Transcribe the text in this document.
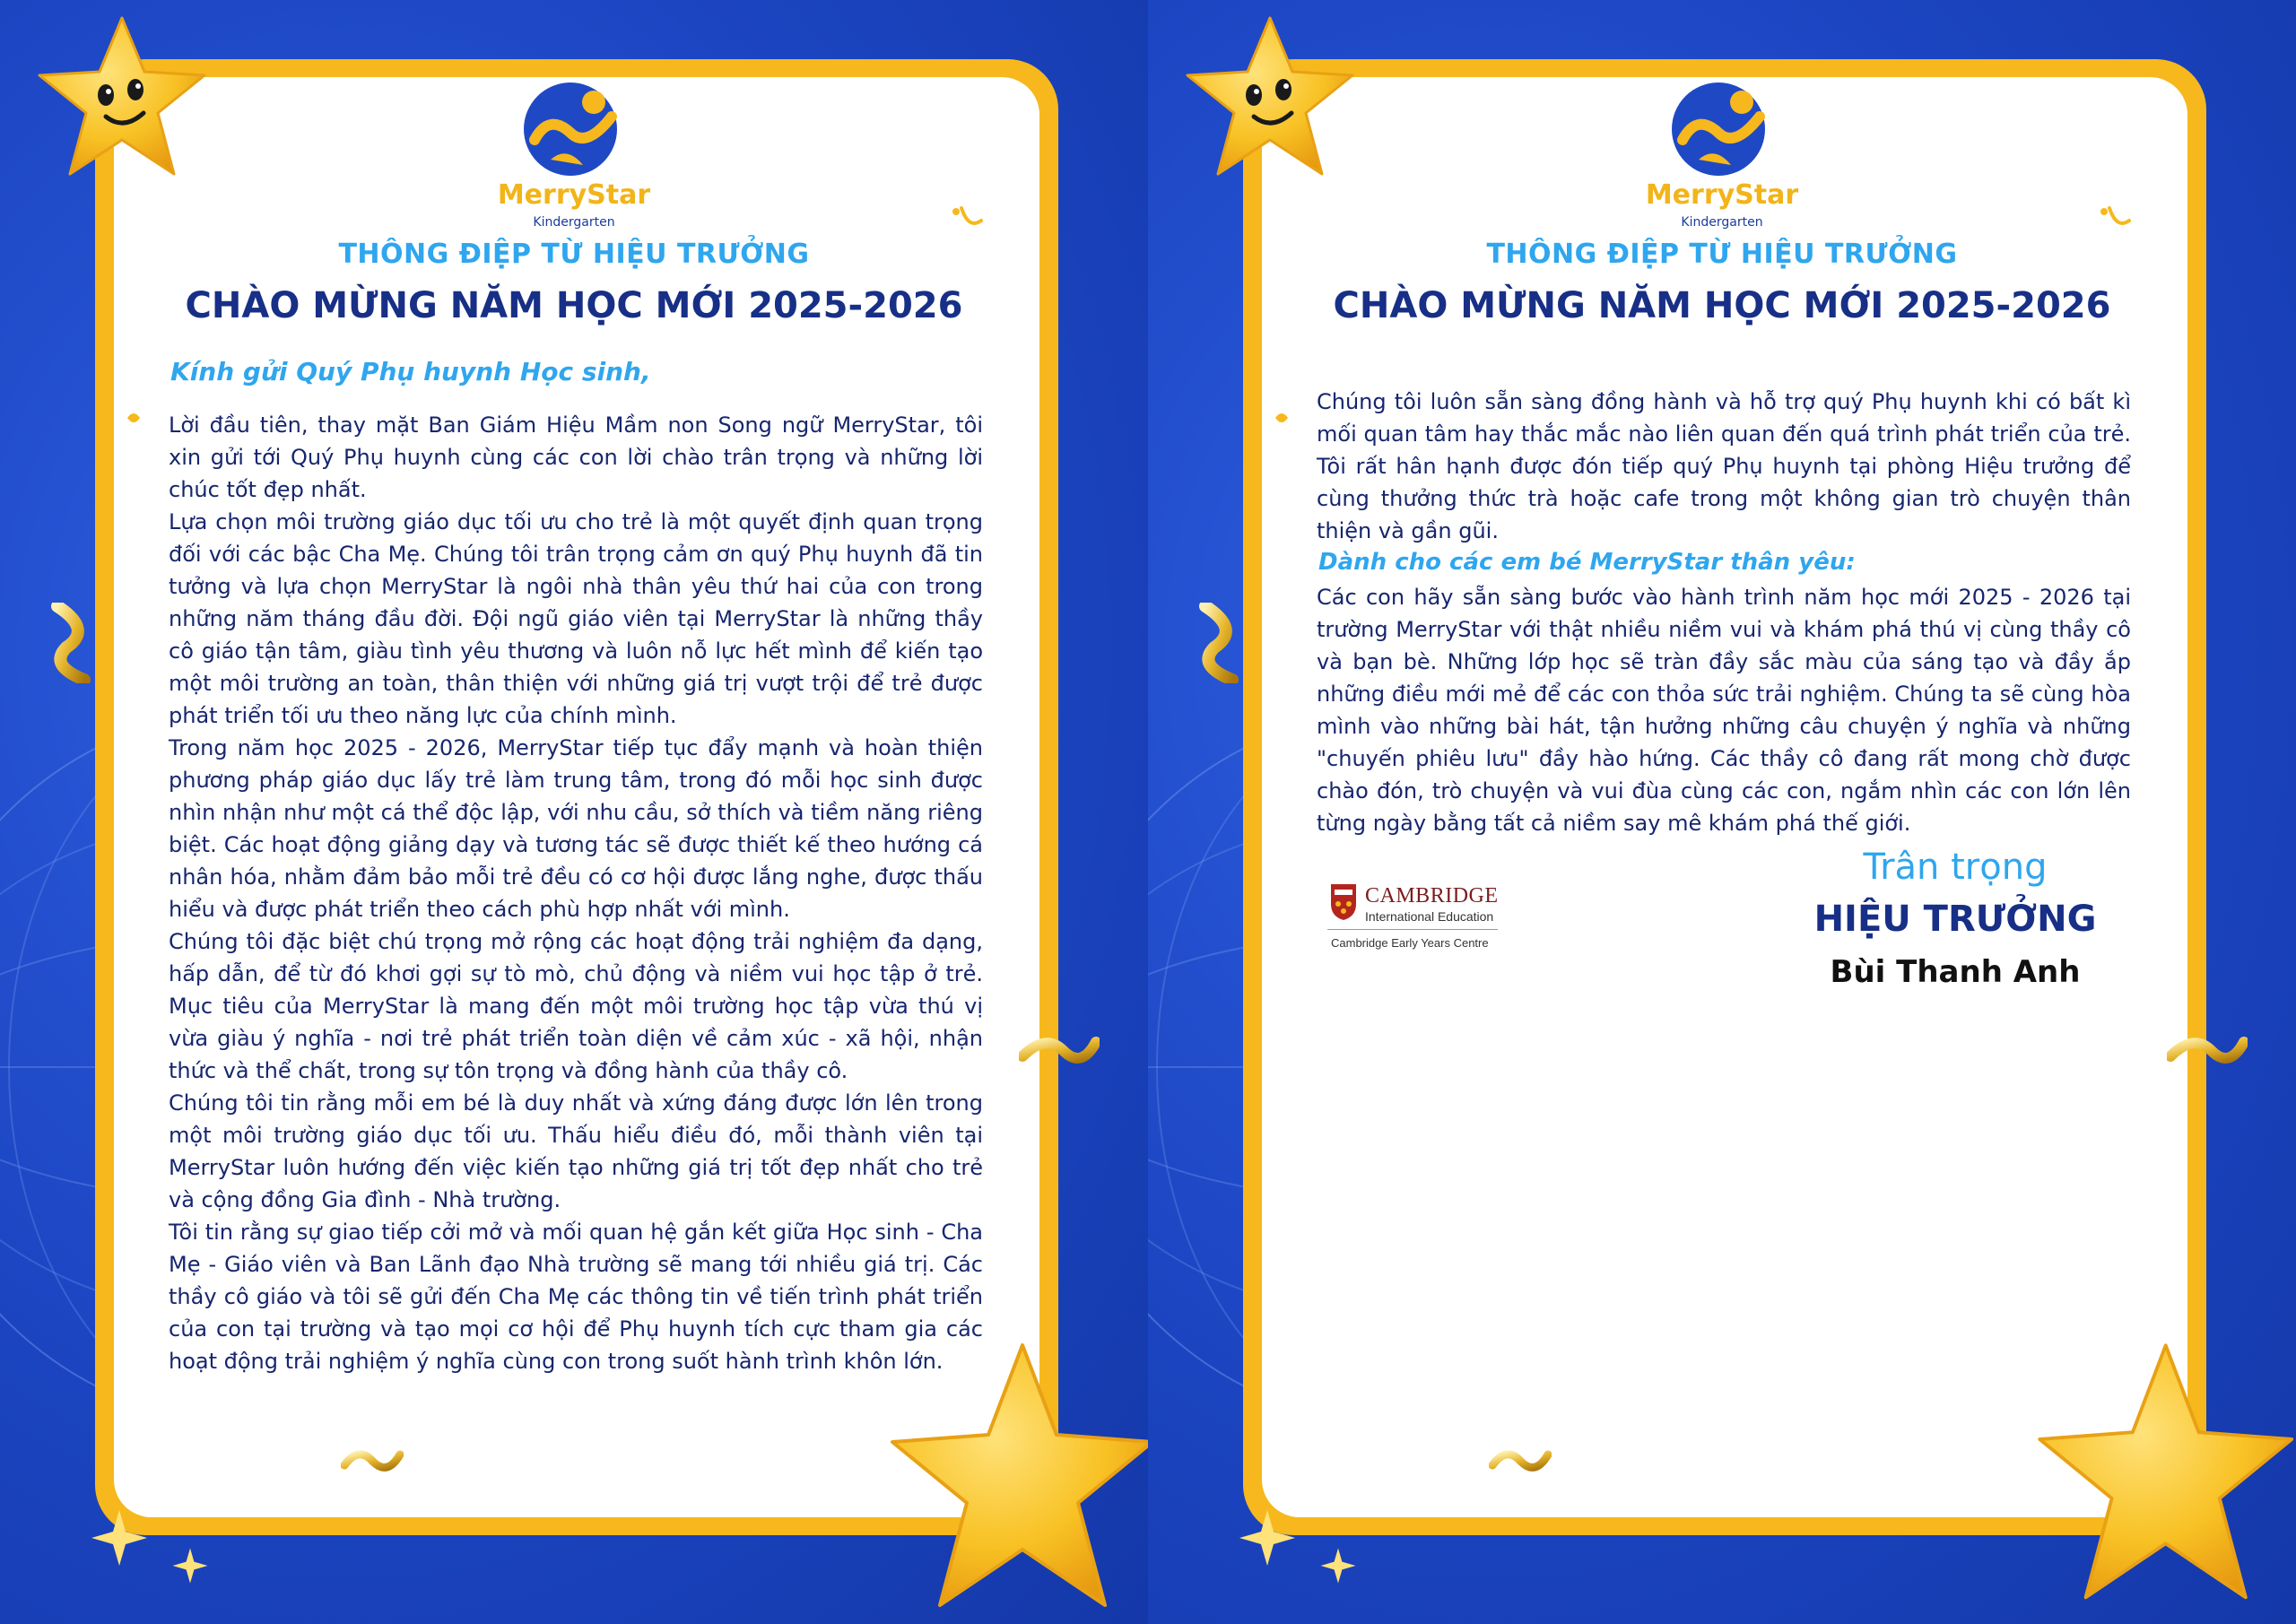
MerryStar
Kindergarten
THÔNG ĐIỆP TỪ HIỆU TRƯỞNG
CHÀO MỪNG NĂM HỌC MỚI 2025-2026
Kính gửi Quý Phụ huynh Học sinh,

Lời đầu tiên, thay mặt Ban Giám Hiệu Mầm non Song ngữ MerryStar, tôi xin gửi tới Quý Phụ huynh cùng các con lời chào trân trọng và những lời chúc tốt đẹp nhất.

Lựa chọn môi trường giáo dục tối ưu cho trẻ là một quyết định quan trọng đối với các bậc Cha Mẹ. Chúng tôi trân trọng cảm ơn quý Phụ huynh đã tin tưởng và lựa chọn MerryStar là ngôi nhà thân yêu thứ hai của con trong những năm tháng đầu đời. Đội ngũ giáo viên tại MerryStar là những thầy cô giáo tận tâm, giàu tình yêu thương và luôn nỗ lực hết mình để kiến tạo một môi trường an toàn, thân thiện với những giá trị vượt trội để trẻ được phát triển tối ưu theo năng lực của chính mình.

Trong năm học 2025 - 2026, MerryStar tiếp tục đẩy mạnh và hoàn thiện phương pháp giáo dục lấy trẻ làm trung tâm, trong đó mỗi học sinh được nhìn nhận như một cá thể độc lập, với nhu cầu, sở thích và tiềm năng riêng biệt. Các hoạt động giảng dạy và tương tác sẽ được thiết kế theo hướng cá nhân hóa, nhằm đảm bảo mỗi trẻ đều có cơ hội được lắng nghe, được thấu hiểu và được phát triển theo cách phù hợp nhất với mình.

Chúng tôi đặc biệt chú trọng mở rộng các hoạt động trải nghiệm đa dạng, hấp dẫn, để từ đó khơi gợi sự tò mò, chủ động và niềm vui học tập ở trẻ. Mục tiêu của MerryStar là mang đến một môi trường học tập vừa thú vị vừa giàu ý nghĩa - nơi trẻ phát triển toàn diện về cảm xúc - xã hội, nhận thức và thể chất, trong sự tôn trọng và đồng hành của thầy cô.

Chúng tôi tin rằng mỗi em bé là duy nhất và xứng đáng được lớn lên trong một môi trường giáo dục tối ưu. Thấu hiểu điều đó, mỗi thành viên tại MerryStar luôn hướng đến việc kiến tạo những giá trị tốt đẹp nhất cho trẻ và cộng đồng Gia đình - Nhà trường.

Tôi tin rằng sự giao tiếp cởi mở và mối quan hệ gắn kết giữa Học sinh - Cha Mẹ - Giáo viên và Ban Lãnh đạo Nhà trường sẽ mang tới nhiều giá trị. Các thầy cô giáo và tôi sẽ gửi đến Cha Mẹ các thông tin về tiến trình phát triển của con tại trường và tạo mọi cơ hội để Phụ huynh tích cực tham gia các hoạt động trải nghiệm ý nghĩa cùng con trong suốt hành trình khôn lớn.

MerryStar
Kindergarten
THÔNG ĐIỆP TỪ HIỆU TRƯỞNG
CHÀO MỪNG NĂM HỌC MỚI 2025-2026

Chúng tôi luôn sẵn sàng đồng hành và hỗ trợ quý Phụ huynh khi có bất kì mối quan tâm hay thắc mắc nào liên quan đến quá trình phát triển của trẻ. Tôi rất hân hạnh được đón tiếp quý Phụ huynh tại phòng Hiệu trưởng để cùng thưởng thức trà hoặc cafe trong một không gian trò chuyện thân thiện và gần gũi.

Dành cho các em bé MerryStar thân yêu:

Các con hãy sẵn sàng bước vào hành trình năm học mới 2025 - 2026 tại trường MerryStar với thật nhiều niềm vui và khám phá thú vị cùng thầy cô và bạn bè. Những lớp học sẽ tràn đầy sắc màu của sáng tạo và đầy ắp những điều mới mẻ để các con thỏa sức trải nghiệm. Chúng ta sẽ cùng hòa mình vào những bài hát, tận hưởng những câu chuyện ý nghĩa và những "chuyến phiêu lưu" đầy hào hứng. Các thầy cô đang rất mong chờ được chào đón, trò chuyện và vui đùa cùng các con, ngắm nhìn các con lớn lên từng ngày bằng tất cả niềm say mê khám phá thế giới.

CAMBRIDGE
International Education
Cambridge Early Years Centre
Trân trọng
HIỆU TRƯỞNG
Bùi Thanh Anh
